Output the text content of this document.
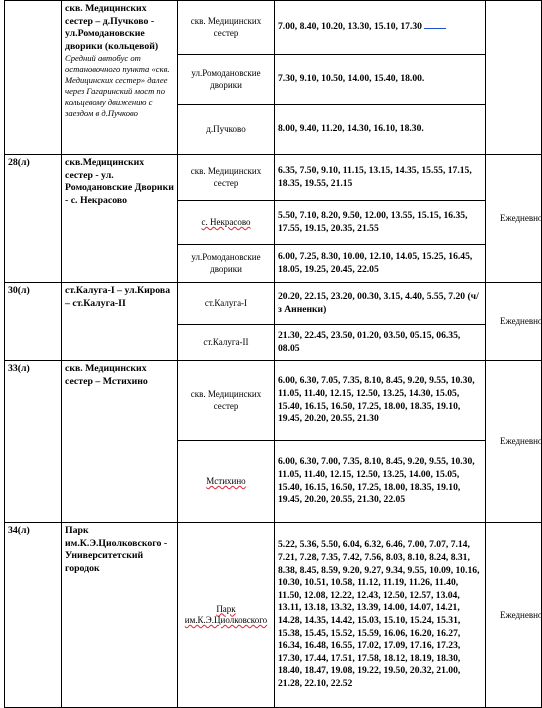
	скв. Медицинских сестер – д.Пучково - ул.Ромодановские дворики (кольцевой)
Средний автобус от остановочного пункта «скв. Медицинских сестер» далее через Гагаринский мост по кольцевому движению с заездом в д.Пучково	скв. Медицинских сестер	7.00, 8.40, 10.20, 13.30, 15.10, 17.30	
		ул.Ромодановские дворики	7.30, 9.10, 10.50, 14.00, 15.40, 18.00.	
		д.Пучково	8.00, 9.40, 11.20, 14.30, 16.10, 18.30.	
28(л)	скв.Медицинских сестер - ул. Ромодановские Дворики - с. Некрасово	скв. Медицинских сестер	6.35, 7.50, 9.10, 11.15, 13.15, 14.35, 15.55, 17.15, 18.35, 19.55, 21.15	Ежедневно
		с. Некрасово	5.50, 7.10, 8.20, 9.50, 12.00, 13.55, 15.15, 16.35, 17.55, 19.15, 20.35, 21.55	
		ул.Ромодановские дворики	6.00, 7.25, 8.30, 10.00, 12.10, 14.05, 15.25, 16.45, 18.05, 19.25, 20.45, 22.05	
30(л)	ст.Калуга-I – ул.Кирова – ст.Калуга-II	ст.Калуга-I	20.20, 22.15, 23.20, 00.30, 3.15, 4.40, 5.55, 7.20 (ч/з Анненки)	Ежедневно
		ст.Калуга-II	21.30, 22.45, 23.50, 01.20, 03.50, 05.15, 06.35, 08.05	
33(л)	скв. Медицинских сестер – Мстихино	скв. Медицинских сестер	6.00, 6.30, 7.05, 7.35, 8.10, 8.45, 9.20, 9.55, 10.30, 11.05, 11.40, 12.15, 12.50, 13.25, 14.30, 15.05, 15.40, 16.15, 16.50, 17.25, 18.00, 18.35, 19.10, 19.45, 20.20, 20.55, 21.30	Ежедневно
		Мстихино	6.00, 6.30, 7.00, 7.35, 8.10, 8.45, 9.20, 9.55, 10.30, 11.05, 11.40, 12.15, 12.50, 13.25, 14.00, 15.05, 15.40, 16.15, 16.50, 17.25, 18.00, 18.35, 19.10, 19.45, 20.20, 20.55, 21.30, 22.05	
34(л)	Парк им.К.Э.Циолковского - Университетский городок	Парк им.К.Э.Циолковского	5.22, 5.36, 5.50, 6.04, 6.32, 6.46, 7.00, 7.07, 7.14, 7.21, 7.28, 7.35, 7.42, 7.56, 8.03, 8.10, 8.24, 8.31, 8.38, 8.45, 8.59, 9.20, 9.27, 9.34, 9.55, 10.09, 10.16, 10.30, 10.51, 10.58, 11.12, 11.19, 11.26, 11.40, 11.50, 12.08, 12.22, 12.43, 12.50, 12.57, 13.04, 13.11, 13.18, 13.32, 13.39, 14.00, 14.07, 14.21, 14.28, 14.35, 14.42, 15.03, 15.10, 15.24, 15.31, 15.38, 15.45, 15.52, 15.59, 16.06, 16.20, 16.27, 16.34, 16.48, 16.55, 17.02, 17.09, 17.16, 17.23, 17.30, 17.44, 17.51, 17.58, 18.12, 18.19, 18.30, 18.40, 18.47, 19.08, 19.22, 19.50, 20.32, 21.00, 21.28, 22.10, 22.52	Ежедневно
